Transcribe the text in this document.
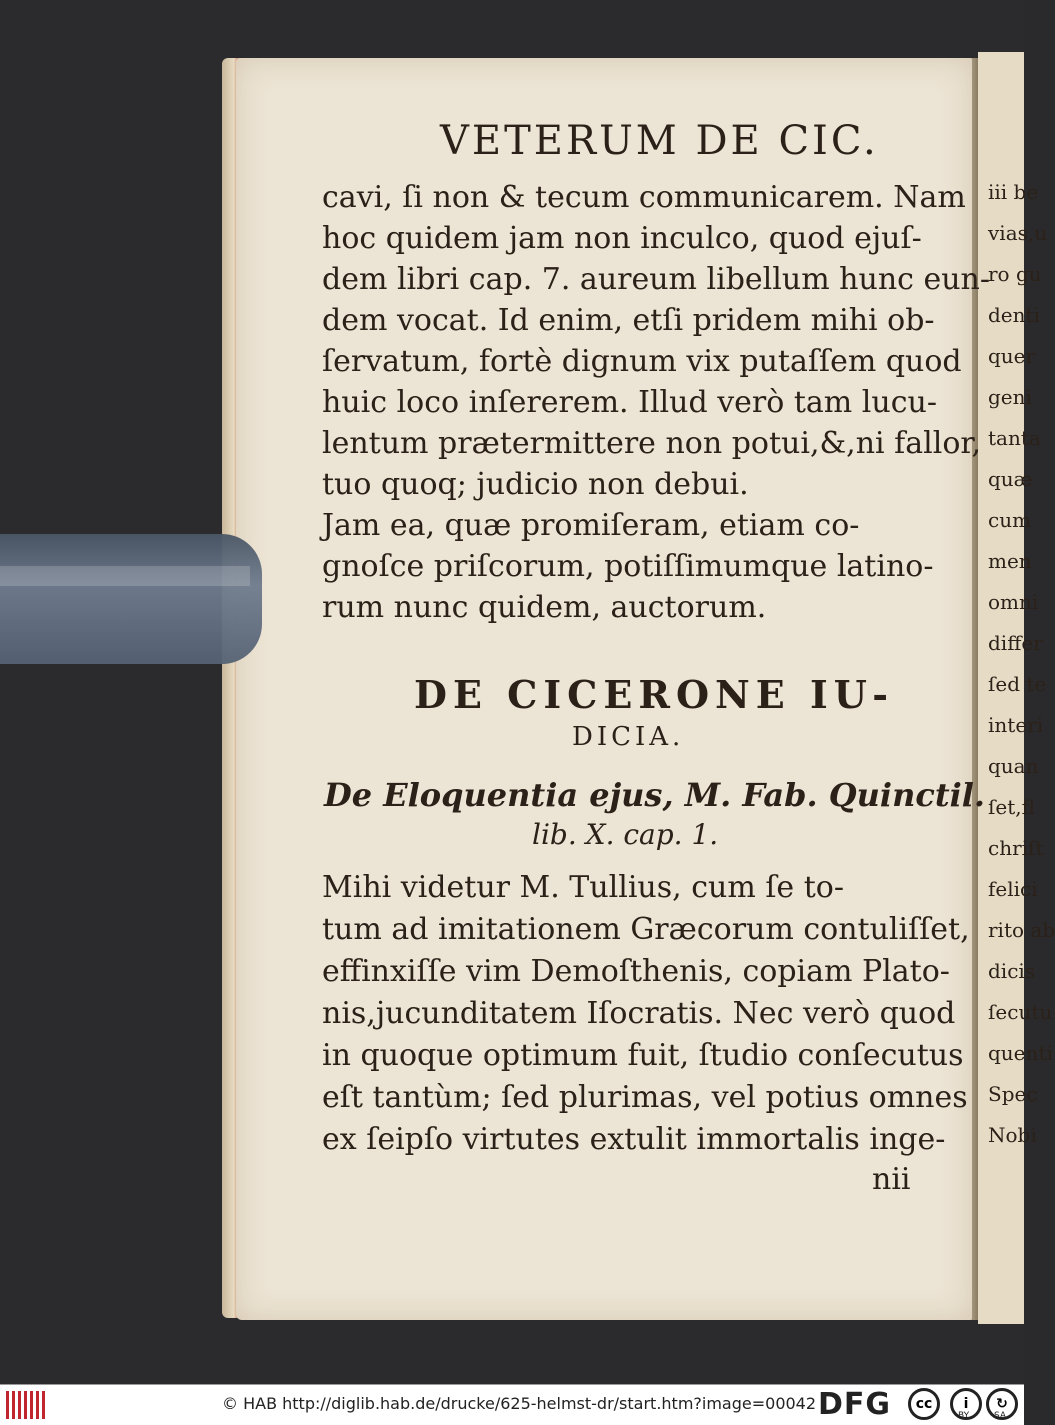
iii be
vias,u
ro gu
denti
quer
geni
tanta
quæ
cum
men
omni
differ
ſed te
interi
quan
ſet,fl
chriſt
felici
rito ab
dicis
ſecutu
quenti
Spec
Nobi
VETERUM DE CIC.
cavi, ſi non & tecum communicarem. Nam
hoc quidem jam non inculco, quod ejuſ-
dem libri cap. 7. aureum libellum hunc eun-
dem vocat. Id enim, etſi pridem mihi ob-
ſervatum, fortè dignum vix putaſſem quod
huic loco inſererem. Illud verò tam lucu-
lentum prætermittere non potui,&,ni fallor,
tuo quoq; judicio non debui.
Jam ea, quæ promiſeram, etiam co-
gnoſce priſcorum, potiſſimumque latino-
rum nunc quidem, auctorum.
DE CICERONE IU-
DICIA.
De Eloquentia ejus, M. Fab. Quinctil.
lib. X. cap. 1.
Mihi videtur M. Tullius, cum ſe to-
tum ad imitationem Græcorum contuliſſet,
effinxiſſe vim Demoſthenis, copiam Plato-
nis,jucunditatem Iſocratis. Nec verò quod
in quoque optimum fuit, ſtudio conſecutus
eſt tantùm; ſed plurimas, vel potius omnes
ex ſeipſo virtutes extulit immortalis inge-
nii
© HAB http://diglib.hab.de/drucke/625-helmst-dr/start.htm?image=00042 DFG	cc	i	↻
BY	SA
